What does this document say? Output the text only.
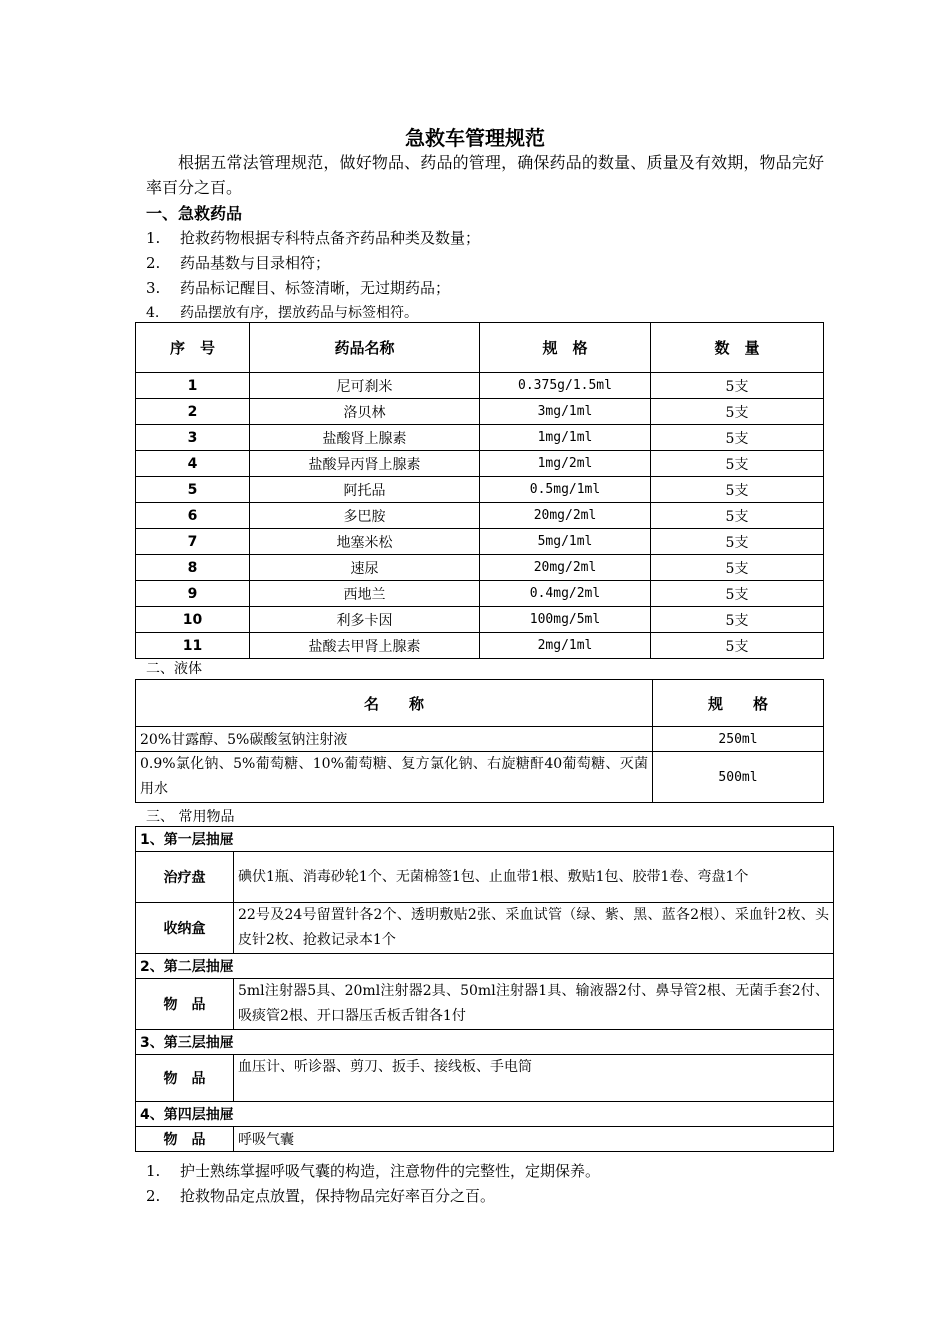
急救车管理规范
根据五常法管理规范，做好物品、药品的管理，确保药品的数量、质量及有效期，物品完好率百分之百。
一、急救药品
1. 抢救药物根据专科特点备齐药品种类及数量；
2. 药品基数与目录相符；
3. 药品标记醒目、标签清晰，无过期药品；
4. 药品摆放有序，摆放药品与标签相符。
序　号	药品名称	规　格	数　量
1	尼可刹米	0.375g/1.5ml	5支
2	洛贝林	3mg/1ml	5支
3	盐酸肾上腺素	1mg/1ml	5支
4	盐酸异丙肾上腺素	1mg/2ml	5支
5	阿托品	0.5mg/1ml	5支
6	多巴胺	20mg/2ml	5支
7	地塞米松	5mg/1ml	5支
8	速尿	20mg/2ml	5支
9	西地兰	0.4mg/2ml	5支
10	利多卡因	100mg/5ml	5支
11	盐酸去甲肾上腺素	2mg/1ml	5支
二、液体
名　　称	规　　格
20%甘露醇、5%碳酸氢钠注射液	250ml
0.9%氯化钠、5%葡萄糖、10%葡萄糖、复方氯化钠、右旋糖酐40葡萄糖、灭菌用水	500ml
三、 常用物品
1、第一层抽屉	
治疗盘	碘伏1瓶、消毒砂轮1个、无菌棉签1包、止血带1根、敷贴1包、胶带1卷、弯盘1个
收纳盒	22号及24号留置针各2个、透明敷贴2张、采血试管（绿、紫、黑、蓝各2根）、采血针2枚、头皮针2枚、抢救记录本1个
2、第二层抽屉	
物　品	5ml注射器5具、20ml注射器2具、50ml注射器1具、输液器2付、鼻导管2根、无菌手套2付、吸痰管2根、开口器压舌板舌钳各1付
3、第三层抽屉	
物　品	血压计、听诊器、剪刀、扳手、接线板、手电筒
4、第四层抽屉	
物　品	呼吸气囊
1. 护士熟练掌握呼吸气囊的构造，注意物件的完整性，定期保养。
2. 抢救物品定点放置，保持物品完好率百分之百。
